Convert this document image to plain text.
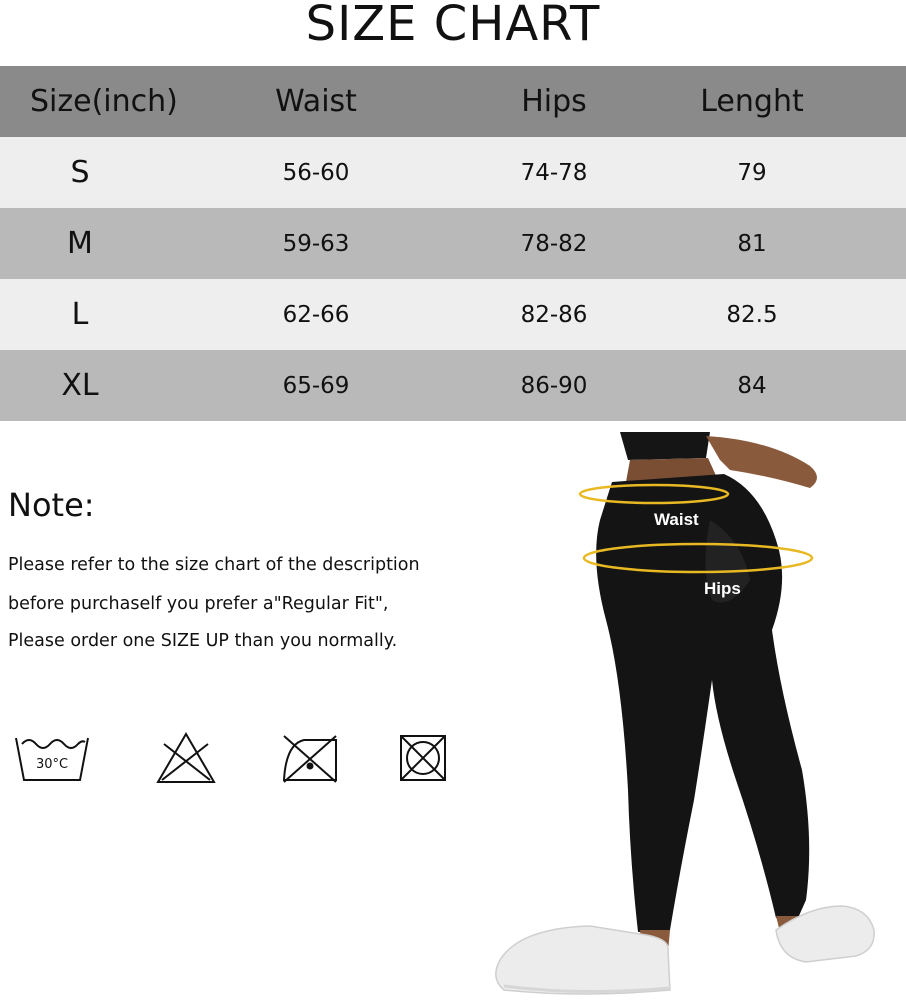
SIZE CHART
Size(inch)	Waist	Hips	Lenght
S	56-60	74-78	79
M	59-63	78-82	81
L	62-66	82-86	82.5
XL	65-69	86-90	84
Note:
Please refer to the size chart of the description
before purchaself you prefer a"Regular Fit",
Please order one SIZE UP than you normally.
30°C
Waist
Hips
